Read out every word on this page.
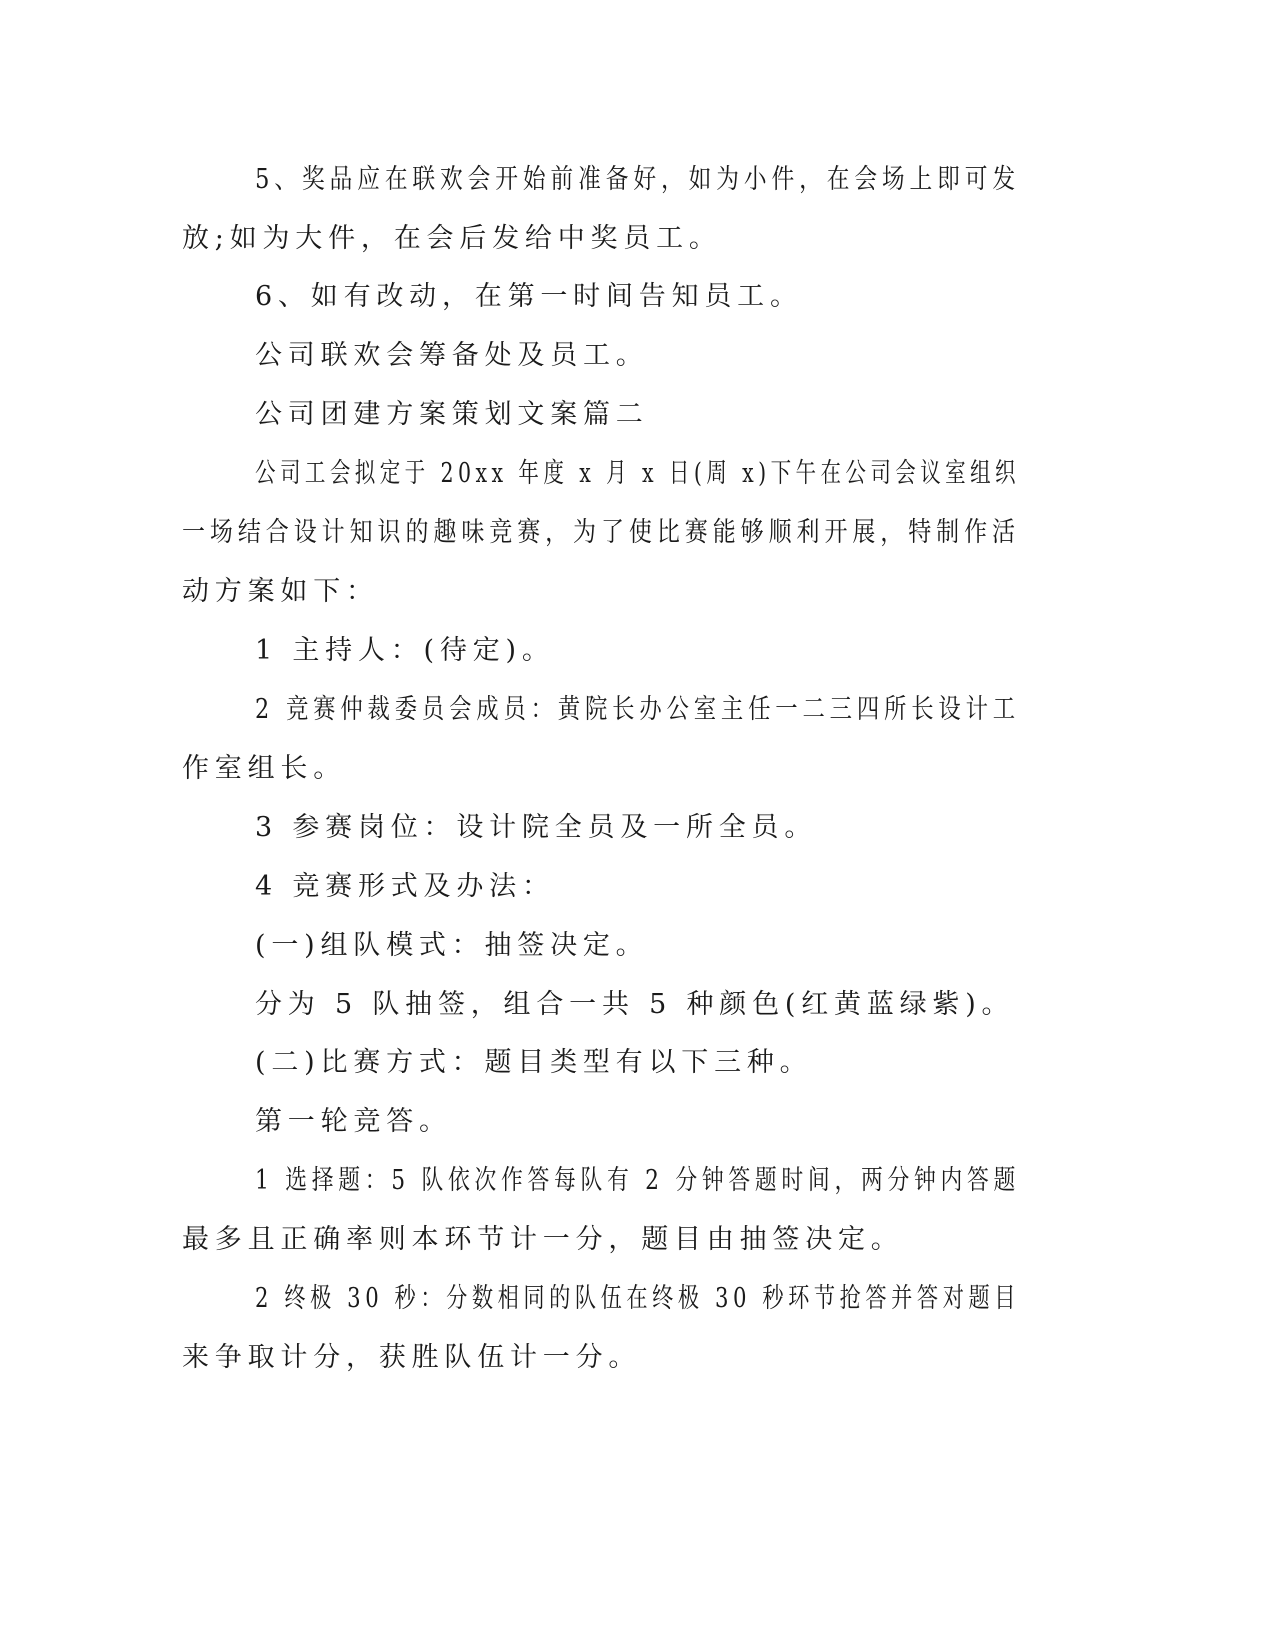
5、奖品应在联欢会开始前准备好，如为小件，在会场上即可发
放;如为大件，在会后发给中奖员工。
6、如有改动，在第一时间告知员工。
公司联欢会筹备处及员工。
公司团建方案策划文案篇二
公司工会拟定于 20xx 年度 x 月 x 日(周 x)下午在公司会议室组织
一场结合设计知识的趣味竞赛，为了使比赛能够顺利开展，特制作活
动方案如下：
1 主持人：(待定)。
2 竞赛仲裁委员会成员：黄院长办公室主任一二三四所长设计工
作室组长。
3 参赛岗位：设计院全员及一所全员。
4 竞赛形式及办法：
(一)组队模式：抽签决定。
分为 5 队抽签，组合一共 5 种颜色(红黄蓝绿紫)。
(二)比赛方式：题目类型有以下三种。
第一轮竞答。
1 选择题：5 队依次作答每队有 2 分钟答题时间，两分钟内答题
最多且正确率则本环节计一分，题目由抽签决定。
2 终极 30 秒：分数相同的队伍在终极 30 秒环节抢答并答对题目
来争取计分，获胜队伍计一分。
